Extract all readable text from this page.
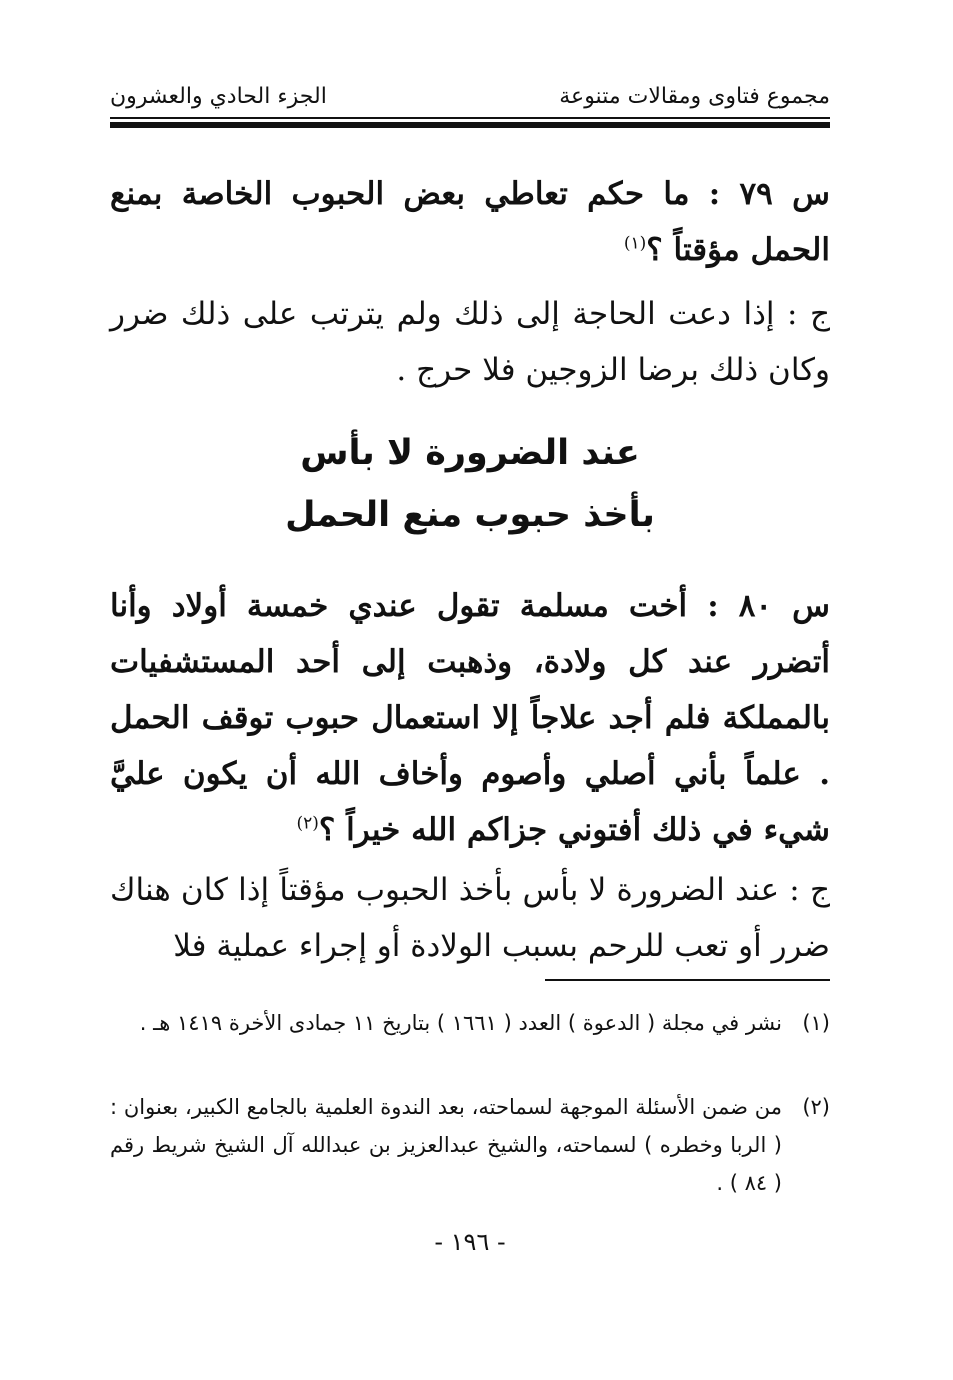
مجموع فتاوى ومقالات متنوعة
الجزء الحادي والعشرون
س ٧٩ : ما حكم تعاطي بعض الحبوب الخاصة بمنع الحمل مؤقتاً ؟$^{(١)}$
ج : إذا دعت الحاجة إلى ذلك ولم يترتب على ذلك ضرر وكان ذلك برضا الزوجين فلا حرج .
عند الضرورة لا بأس
بأخذ حبوب منع الحمل
س ٨٠ : أخت مسلمة تقول عندي خمسة أولاد وأنا أتضرر عند كل ولادة، وذهبت إلى أحد المستشفيات بالمملكة فلم أجد علاجاً إلا استعمال حبوب توقف الحمل . علماً بأني أصلي وأصوم وأخاف الله أن يكون عليَّ شيء في ذلك أفتوني جزاكم الله خيراً ؟$^{(٢)}$
ج : عند الضرورة لا بأس بأخذ الحبوب مؤقتاً إذا كان هناك ضرر أو تعب للرحم بسبب الولادة أو إجراء عملية فلا
(١)
نشر في مجلة ( الدعوة ) العدد ( ١٦٦١ ) بتاريخ ١١ جمادى الأخرة ١٤١٩ هـ .
(٢)
من ضمن الأسئلة الموجهة لسماحته، بعد الندوة العلمية بالجامع الكبير، بعنوان : ( الربا وخطره ) لسماحته، والشيخ عبدالعزيز بن عبدالله آل الشيخ شريط رقم ( ٨٤ ) .
- ١٩٦ -
